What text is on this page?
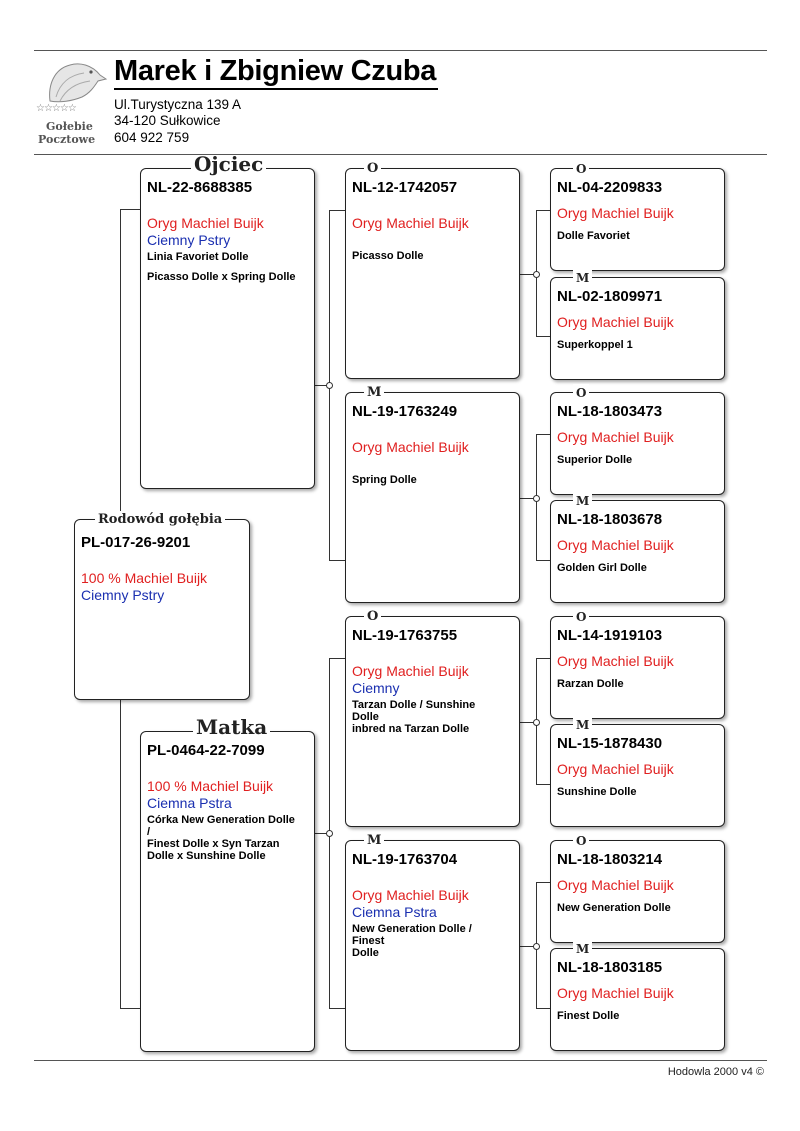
☆☆☆☆☆
Gołebie
Pocztowe
Marek i Zbigniew Czuba
Ul.Turystyczna 139 A
34-120 Sułkowice
604 922 759
Rodowód gołębia
PL-017-26-9201
100 % Machiel Buijk
Ciemny Pstry
Ojciec
NL-22-8688385
Oryg Machiel Buijk
Ciemny Pstry
Linia Favoriet Dolle
Picasso Dolle x Spring Dolle
Matka
PL-0464-22-7099
100 % Machiel Buijk
Ciemna Pstra
Córka New Generation Dolle
/
Finest Dolle x Syn Tarzan
Dolle x Sunshine Dolle
O
NL-12-1742057
Oryg Machiel Buijk
Picasso Dolle
M
NL-19-1763249
Oryg Machiel Buijk
Spring Dolle
O
NL-19-1763755
Oryg Machiel Buijk
Ciemny
Tarzan Dolle / Sunshine
Dolle
inbred na Tarzan Dolle
M
NL-19-1763704
Oryg Machiel Buijk
Ciemna Pstra
New Generation Dolle /
Finest
Dolle
O
NL-04-2209833
Oryg Machiel Buijk
Dolle Favoriet
M
NL-02-1809971
Oryg Machiel Buijk
Superkoppel 1
O
NL-18-1803473
Oryg Machiel Buijk
Superior Dolle
M
NL-18-1803678
Oryg Machiel Buijk
Golden Girl Dolle
O
NL-14-1919103
Oryg Machiel Buijk
Rarzan Dolle
M
NL-15-1878430
Oryg Machiel Buijk
Sunshine Dolle
O
NL-18-1803214
Oryg Machiel Buijk
New Generation Dolle
M
NL-18-1803185
Oryg Machiel Buijk
Finest Dolle
Hodowla 2000 v4 ©
